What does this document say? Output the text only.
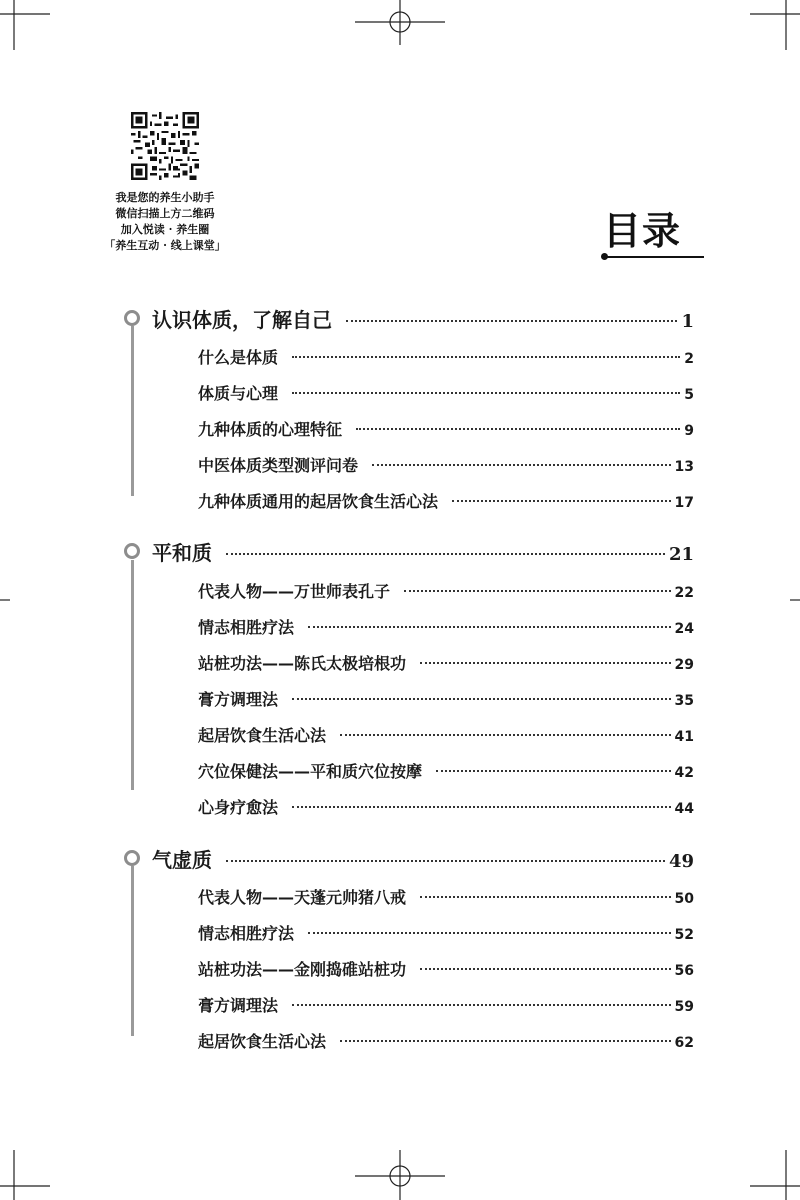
我是您的养生小助手
微信扫描上方二维码
加入悦读 · 养生圈
「养生互动 · 线上课堂」	目录
认识体质，了解自己	1
什么是体质	2
体质与心理	5
九种体质的心理特征	9
中医体质类型测评问卷	13
九种体质通用的起居饮食生活心法	17
平和质	21
代表人物——万世师表孔子	22
情志相胜疗法	24
站桩功法——陈氏太极培根功	29
膏方调理法	35
起居饮食生活心法	41
穴位保健法——平和质穴位按摩	42
心身疗愈法	44
气虚质	49
代表人物——天蓬元帅猪八戒	50
情志相胜疗法	52
站桩功法——金刚捣碓站桩功	56
膏方调理法	59
起居饮食生活心法	62
